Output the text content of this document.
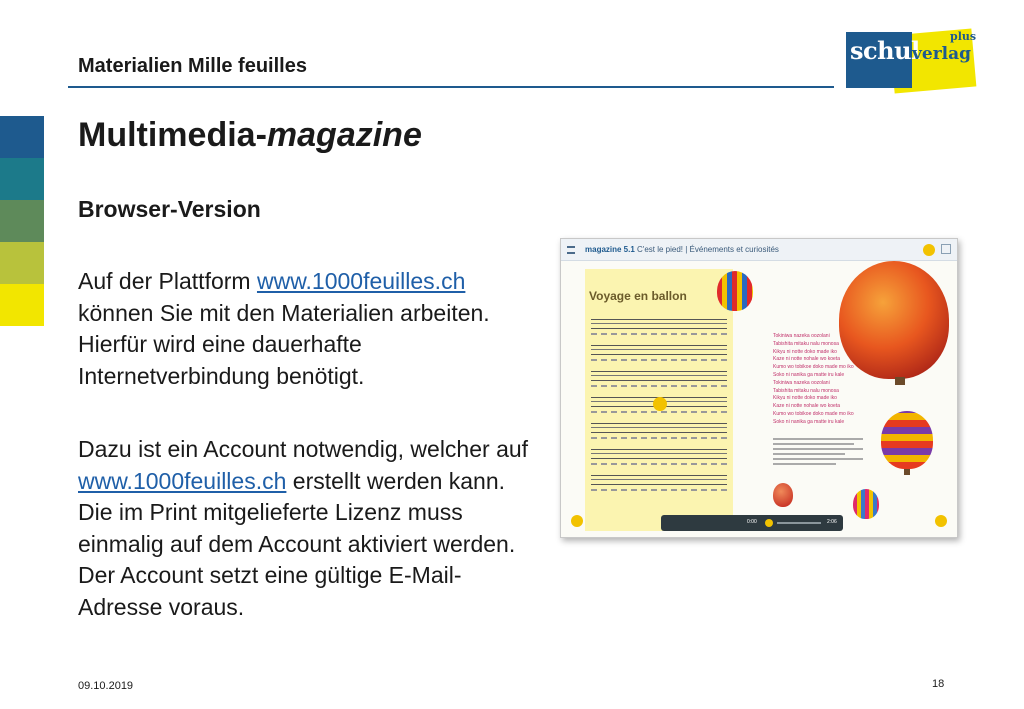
Materialien Mille feuilles
schul
verlag
plus
Multimedia-magazine
Browser-Version

Auf der Plattform www.1000feuilles.ch können Sie mit den Materialien arbeiten. Hierfür wird eine dauerhafte Internetverbindung benötigt.

Dazu ist ein Account notwendig, welcher auf www.1000feuilles.ch erstellt werden kann. Die im Print mitgelieferte Lizenz muss einmalig auf dem Account aktiviert werden. Der Account setzt eine gültige E-Mail-Adresse voraus.

magazine 5.1 C'est le pied! | Événements et curiosités
Voyage en ballon
Tokiniwa nazeka oozolani
Tabishita mitaku nalu monosa
Kikyu ni notte doko made iko
Kaze ni notte nohale wo koeta
Kumo wo tobikoe doko made mo iko
Soko ni nanika ga matte iru kale
Tokiniwa nazeka oozolani
Tabishita mitaku nalu monosa
Kikyu ni notte doko made iko
Kaze ni notte nohale wo koeta
Kumo wo tobikoe doko made mo iko
Soko ni nanika ga matte iru kale
0:00	2:06
09.10.2019	18
